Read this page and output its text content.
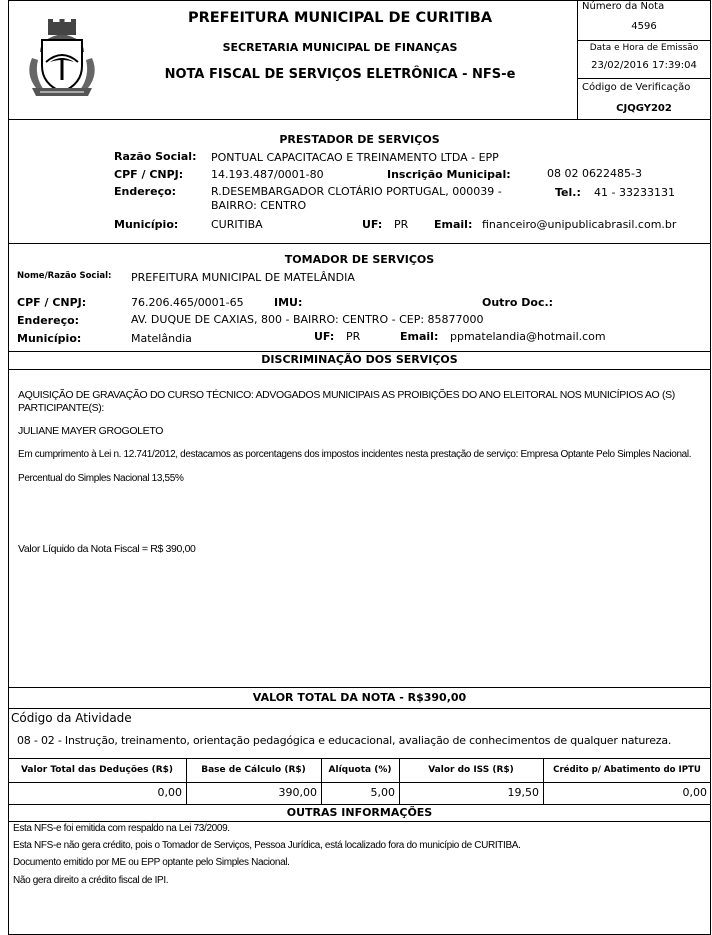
PREFEITURA MUNICIPAL DE CURITIBA
SECRETARIA MUNICIPAL DE FINANÇAS
NOTA FISCAL DE SERVIÇOS ELETRÔNICA - NFS-e
Número da Nota
4596
Data e Hora de Emissão
23/02/2016 17:39:04
Código de Verificação
CJQGY202
PRESTADOR DE SERVIÇOS
Razão Social: PONTUAL CAPACITACAO E TREINAMENTO LTDA - EPP
CPF / CNPJ:	14.193.487/0001-80	Inscrição Municipal:	08 02 0622485-3
Endereço:	R.DESEMBARGADOR CLOTÁRIO PORTUGAL, 000039 -
BAIRRO: CENTRO
Tel.: 41 - 33233131
Município:	CURITIBA	UF: PR Email: financeiro@unipublicabrasil.com.br
TOMADOR DE SERVIÇOS
Nome/Razão Social: PREFEITURA MUNICIPAL DE MATELÂNDIA
CPF / CNPJ:	76.206.465/0001-65	IMU:	Outro Doc.:
Endereço:	AV. DUQUE DE CAXIAS, 800 - BAIRRO: CENTRO - CEP: 85877000
Município:	Matelândia	UF: PR	Email: ppmatelandia@hotmail.com
DISCRIMINAÇÃO DOS SERVIÇOS
AQUISIÇÃO DE GRAVAÇÃO DO CURSO TÉCNICO: ADVOGADOS MUNICIPAIS AS PROIBIÇÕES DO ANO ELEITORAL NOS MUNICÍPIOS AO (S) PARTICIPANTE(S):
JULIANE MAYER GROGOLETO
Em cumprimento à Lei n. 12.741/2012, destacamos as porcentagens dos impostos incidentes nesta prestação de serviço: Empresa Optante Pelo Simples Nacional.
Percentual do Simples Nacional 13,55%
Valor Líquido da Nota Fiscal = R$ 390,00
VALOR TOTAL DA NOTA - R$390,00
Código da Atividade
08 - 02 - Instrução, treinamento, orientação pedagógica e educacional, avaliação de conhecimentos de qualquer natureza.
Valor Total das Deduções (R$)	Base de Cálculo (R$)	Alíquota (%)	Valor do ISS (R$)	Crédito p/ Abatimento do IPTU
0,00	390,00	5,00	19,50	0,00
OUTRAS INFORMAÇÕES
Esta NFS-e foi emitida com respaldo na Lei 73/2009.
Esta NFS-e não gera crédito, pois o Tomador de Serviços, Pessoa Jurídica, está localizado fora do município de CURITIBA.
Documento emitido por ME ou EPP optante pelo Simples Nacional.
Não gera direito a crédito fiscal de IPI.
